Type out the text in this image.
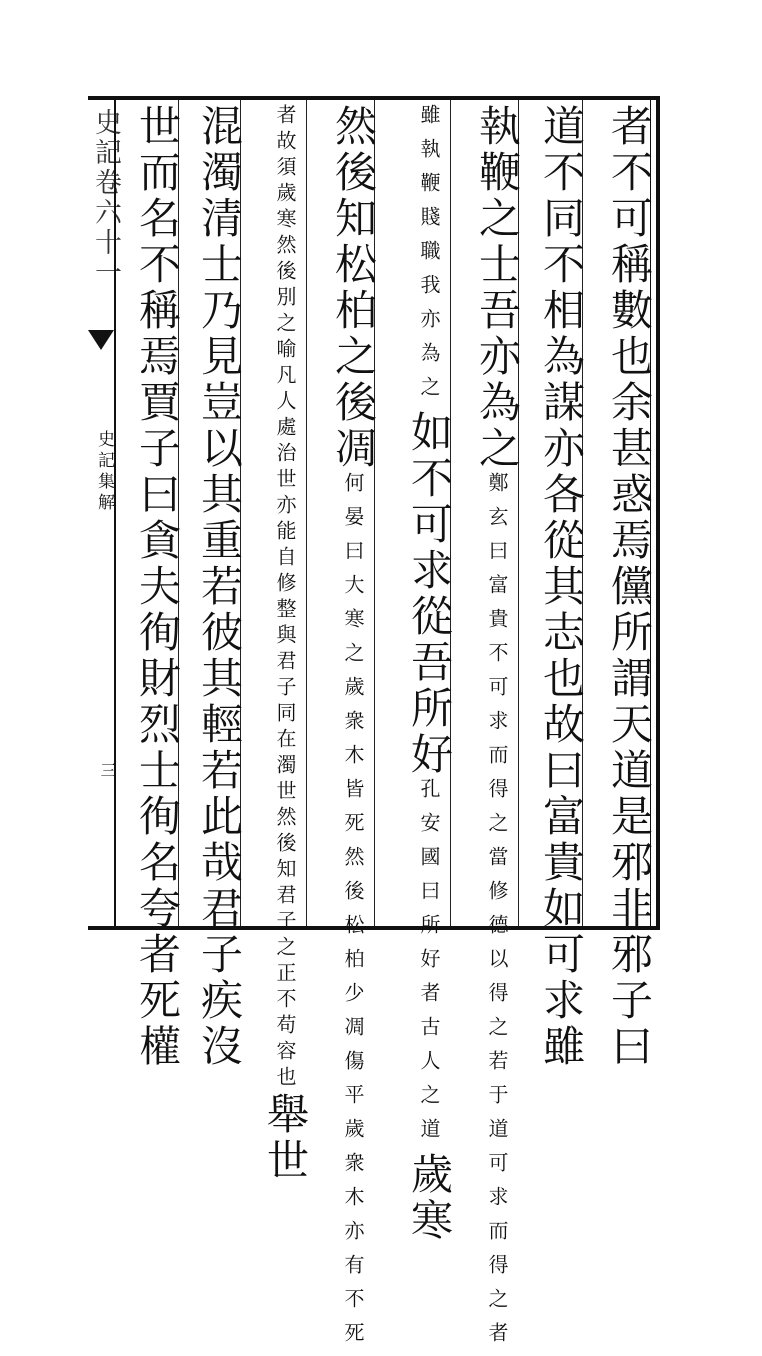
史記卷六十一
史記集解
三	者不可稱數也余甚惑焉儻所謂天道是邪非邪子曰
道不同不相為謀亦各從其志也故曰富貴如可求雖
執鞭之士吾亦為之鄭玄曰富貴不可求而得之當修德以得之若于道可求而得之者
雖執鞭賤職我亦為之如不可求從吾所好孔安國曰所好者古人之道歲寒
然後知松柏之後凋何晏曰大寒之歲衆木皆死然後松柏少凋傷平歲衆木亦有不死
者故須歲寒然後別之喻凡人處治世亦能自修整與君子同在濁世然後知君子之正不苟容也舉世
混濁清士乃見豈以其重若彼其輕若此哉君子疾沒
世而名不稱焉賈子曰貪夫徇財烈士徇名夸者死權
